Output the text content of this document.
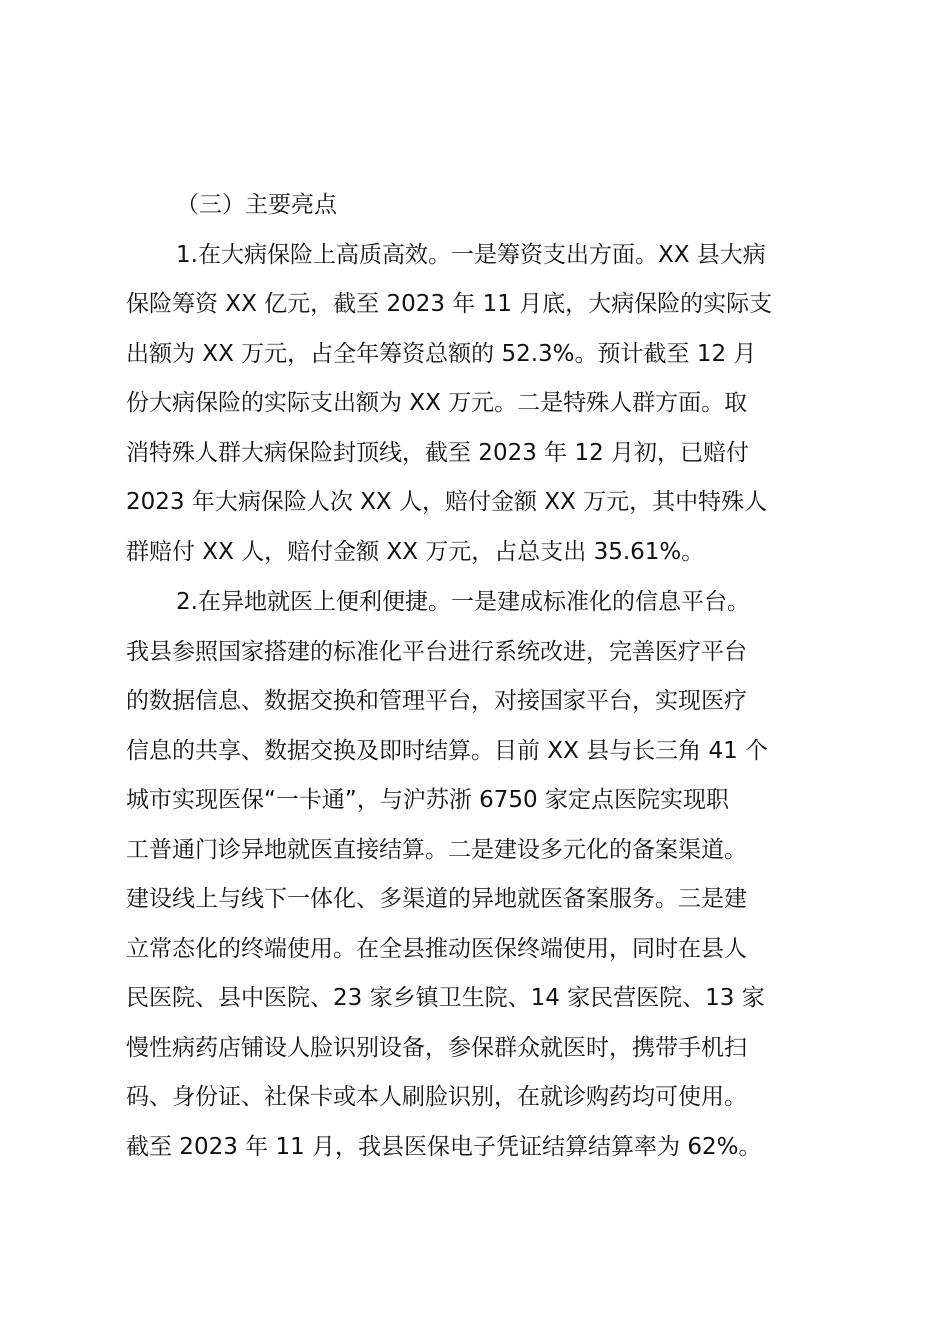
（三）主要亮点
1.在大病保险上高质高效。一是筹资支出方面。XX 县大病
保险筹资 XX 亿元，截至 2023 年 11 月底，大病保险的实际支
出额为 XX 万元，占全年筹资总额的 52.3%。预计截至 12 月
份大病保险的实际支出额为 XX 万元。二是特殊人群方面。取
消特殊人群大病保险封顶线，截至 2023 年 12 月初，已赔付
2023 年大病保险人次 XX 人，赔付金额 XX 万元，其中特殊人
群赔付 XX 人，赔付金额 XX 万元，占总支出 35.61%。
2.在异地就医上便利便捷。一是建成标准化的信息平台。
我县参照国家搭建的标准化平台进行系统改进，完善医疗平台
的数据信息、数据交换和管理平台，对接国家平台，实现医疗
信息的共享、数据交换及即时结算。目前 XX 县与长三角 41 个
城市实现医保“一卡通”，与沪苏浙 6750 家定点医院实现职
工普通门诊异地就医直接结算。二是建设多元化的备案渠道。
建设线上与线下一体化、多渠道的异地就医备案服务。三是建
立常态化的终端使用。在全县推动医保终端使用，同时在县人
民医院、县中医院、23 家乡镇卫生院、14 家民营医院、13 家
慢性病药店铺设人脸识别设备，参保群众就医时，携带手机扫
码、身份证、社保卡或本人刷脸识别，在就诊购药均可使用。
截至 2023 年 11 月，我县医保电子凭证结算结算率为 62%。
